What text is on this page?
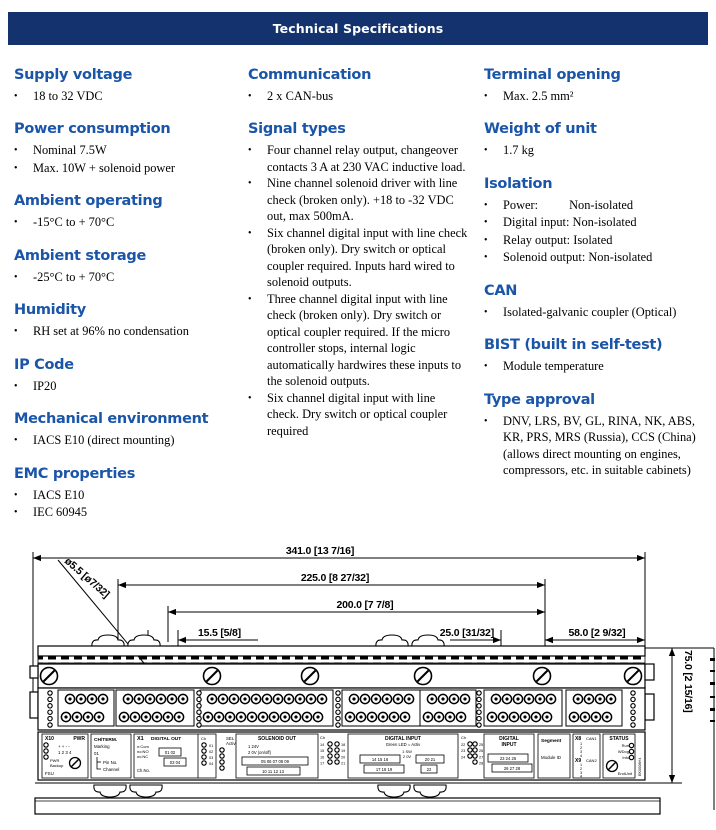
Technical Specifications
Supply voltage
•	18 to 32 VDC
Power consumption
•	Nominal 7.5W
•	Max. 10W + solenoid power
Ambient operating
•	-15°C to + 70°C
Ambient storage
•	-25°C to + 70°C
Humidity
•	RH set at 96% no condensation
IP Code
•	IP20
Mechanical environment
•	IACS E10 (direct mounting)
EMC properties
•	IACS E10
•	IEC 60945
Communication
•	2 x CAN-bus
Signal types
•	Four channel relay output, changeover contacts 3 A at 230 VAC inductive load.
•	Nine channel solenoid driver with line check (broken only). +18 to -32 VDC out, max 500mA.
•	Six channel digital input with line check (broken only). Dry switch or optical coupler required. Inputs hard wired to solenoid outputs.
•	Three channel digital input with line check (broken only). Dry switch or optical coupler required. If the micro controller stops, internal logic automatically hardwires these inputs to the solenoid outputs.
•	Six channel digital input with line check. Dry switch or optical coupler required
Terminal opening
•	Max. 2.5 mm²
Weight of unit
•	1.7 kg
Isolation
•	Power:          Non-isolated
•	Digital input: Non-isolated
•	Relay output: Isolated
•	Solenoid output: Non-isolated
CAN
•	Isolated-galvanic coupler (Optical)
BIST (built in self-test)
•	Module temperature
Type approval
•	DNV, LRS, BV, GL, RINA, NK, ABS, KR, PRS, MRS (Russia), CCS (China)
(allows direct mounting on engines, compressors, etc. in suitable cabinets)
341.0 [13 7/16]
225.0 [8 27/32]
200.0 [7 7/8]
15.5 [5/8]	25.0 [31/32]	58.0 [2 9/32]
ø5.5 [ø7/32]
75.0 [2 15/16]
X10	PWR
+ + - -
1 2 3 4
PWR
Backup
FSU
CH/TERM.
Marking
01
Pin No.
Channel
X1 DIGITAL OUT
n:Com
no:NO
nc:NC
01 02
03 04
Ch.No.
Ch
01 02 03 04
SEL
Activ
SOLENOID OUT
1 24V
2 0V (on/off)
05 06 07 08 09
10 11 12 13
Ch
14 15 16 17
18 19 20 21
DIGITAL INPUT
Green LED = Activ
1 SW
2 0V
14 15 16
17 18 19
20 21
22
Ch
22 23 24
25 26 27 28
DIGITAL
INPUT
23 24 25
26 27 28
Segment
Module ID
X8 CAN1
1 2 3 4
X9 CAN2
1 2 3 4
STATUS
Run
WDog
Info
EndUnit EK0008H4
